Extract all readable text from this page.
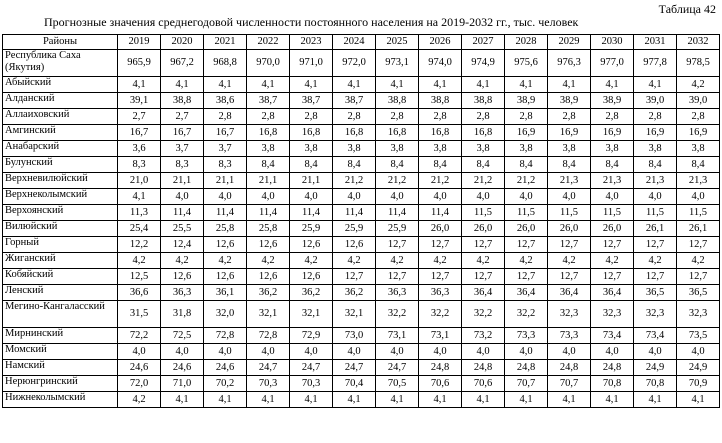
Таблица 42
Прогнозные значения среднегодовой численности постоянного населения на 2019-2032 гг., тыс. человек
Районы	2019	2020	2021	2022	2023	2024	2025	2026	2027	2028	2029	2030	2031	2032
Республика Саха (Якутия)	965,9	967,2	968,8	970,0	971,0	972,0	973,1	974,0	974,9	975,6	976,3	977,0	977,8	978,5
Абыйский	4,1	4,1	4,1	4,1	4,1	4,1	4,1	4,1	4,1	4,1	4,1	4,1	4,1	4,2
Алданский	39,1	38,8	38,6	38,7	38,7	38,7	38,8	38,8	38,8	38,9	38,9	38,9	39,0	39,0
Аллаиховский	2,7	2,7	2,8	2,8	2,8	2,8	2,8	2,8	2,8	2,8	2,8	2,8	2,8	2,8
Амгинский	16,7	16,7	16,7	16,8	16,8	16,8	16,8	16,8	16,8	16,9	16,9	16,9	16,9	16,9
Анабарский	3,6	3,7	3,7	3,8	3,8	3,8	3,8	3,8	3,8	3,8	3,8	3,8	3,8	3,8
Булунский	8,3	8,3	8,3	8,4	8,4	8,4	8,4	8,4	8,4	8,4	8,4	8,4	8,4	8,4
Верхневилюйский	21,0	21,1	21,1	21,1	21,1	21,2	21,2	21,2	21,2	21,2	21,3	21,3	21,3	21,3
Верхнеколымский	4,1	4,0	4,0	4,0	4,0	4,0	4,0	4,0	4,0	4,0	4,0	4,0	4,0	4,0
Верхоянский	11,3	11,4	11,4	11,4	11,4	11,4	11,4	11,4	11,5	11,5	11,5	11,5	11,5	11,5
Вилюйский	25,4	25,5	25,8	25,8	25,9	25,9	25,9	26,0	26,0	26,0	26,0	26,0	26,1	26,1
Горный	12,2	12,4	12,6	12,6	12,6	12,6	12,7	12,7	12,7	12,7	12,7	12,7	12,7	12,7
Жиганский	4,2	4,2	4,2	4,2	4,2	4,2	4,2	4,2	4,2	4,2	4,2	4,2	4,2	4,2
Кобяйский	12,5	12,6	12,6	12,6	12,6	12,7	12,7	12,7	12,7	12,7	12,7	12,7	12,7	12,7
Ленский	36,6	36,3	36,1	36,2	36,2	36,2	36,3	36,3	36,4	36,4	36,4	36,4	36,5	36,5
Мегино-Кангаласский	31,5	31,8	32,0	32,1	32,1	32,1	32,2	32,2	32,2	32,2	32,3	32,3	32,3	32,3
Мирнинский	72,2	72,5	72,8	72,8	72,9	73,0	73,1	73,1	73,2	73,3	73,3	73,4	73,4	73,5
Момский	4,0	4,0	4,0	4,0	4,0	4,0	4,0	4,0	4,0	4,0	4,0	4,0	4,0	4,0
Намский	24,6	24,6	24,6	24,7	24,7	24,7	24,7	24,8	24,8	24,8	24,8	24,8	24,9	24,9
Нерюнгринский	72,0	71,0	70,2	70,3	70,3	70,4	70,5	70,6	70,6	70,7	70,7	70,8	70,8	70,9
Нижнеколымский	4,2	4,1	4,1	4,1	4,1	4,1	4,1	4,1	4,1	4,1	4,1	4,1	4,1	4,1
